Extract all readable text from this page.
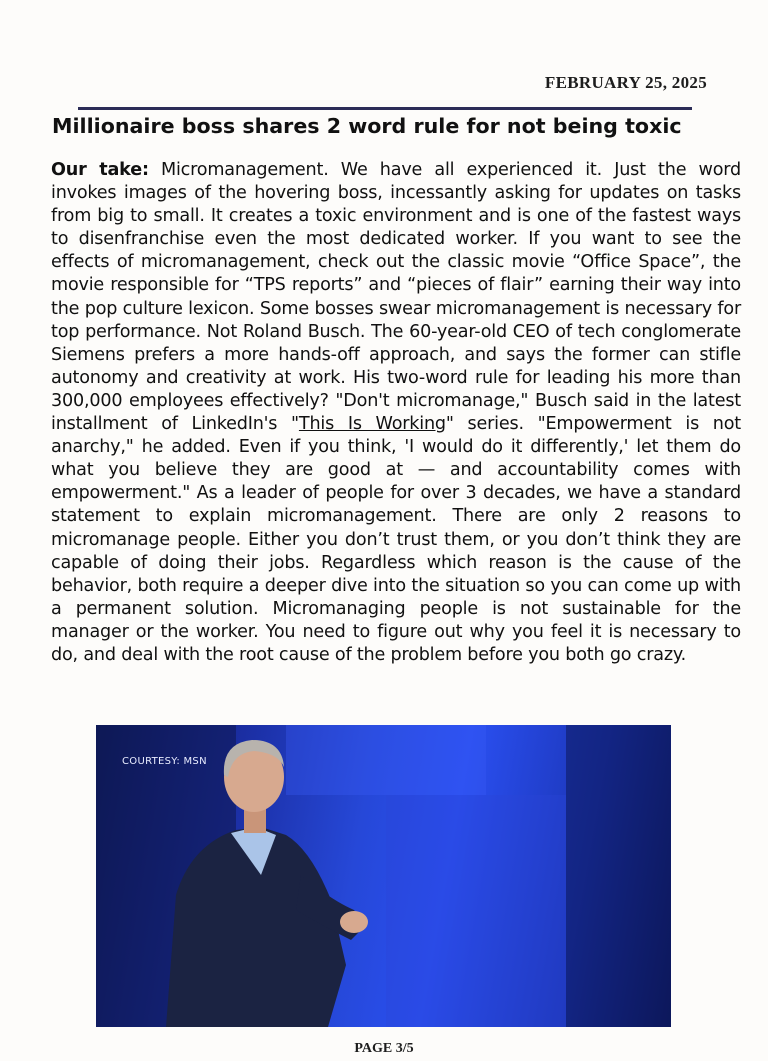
FEBRUARY 25, 2025
Millionaire boss shares 2 word rule for not being toxic

Our take: Micromanagement. We have all experienced it. Just the word invokes images of the hovering boss, incessantly asking for updates on tasks from big to small. It creates a toxic environment and is one of the fastest ways to disenfranchise even the most dedicated worker. If you want to see the effects of micromanagement, check out the classic movie “Office Space”, the movie responsible for “TPS reports” and “pieces of flair” earning their way into the pop culture lexicon. Some bosses swear micromanagement is necessary for top performance. Not Roland Busch. The 60-year-old CEO of tech conglomerate Siemens prefers a more hands-off approach, and says the former can stifle autonomy and creativity at work. His two-word rule for leading his more than 300,000 employees effectively? "Don't micromanage," Busch said in the latest installment of LinkedIn's "This Is Working" series. "Empowerment is not anarchy," he added. Even if you think, 'I would do it differently,' let them do what you believe they are good at — and accountability comes with empowerment." As a leader of people for over 3 decades, we have a standard statement to explain micromanagement. There are only 2 reasons to micromanage people. Either you don’t trust them, or you don’t think they are capable of doing their jobs. Regardless which reason is the cause of the behavior, both require a deeper dive into the situation so you can come up with a permanent solution. Micromanaging people is not sustainable for the manager or the worker. You need to figure out why you feel it is necessary to do, and deal with the root cause of the problem before you both go crazy.

COURTESY: MSN
PAGE 3/5
